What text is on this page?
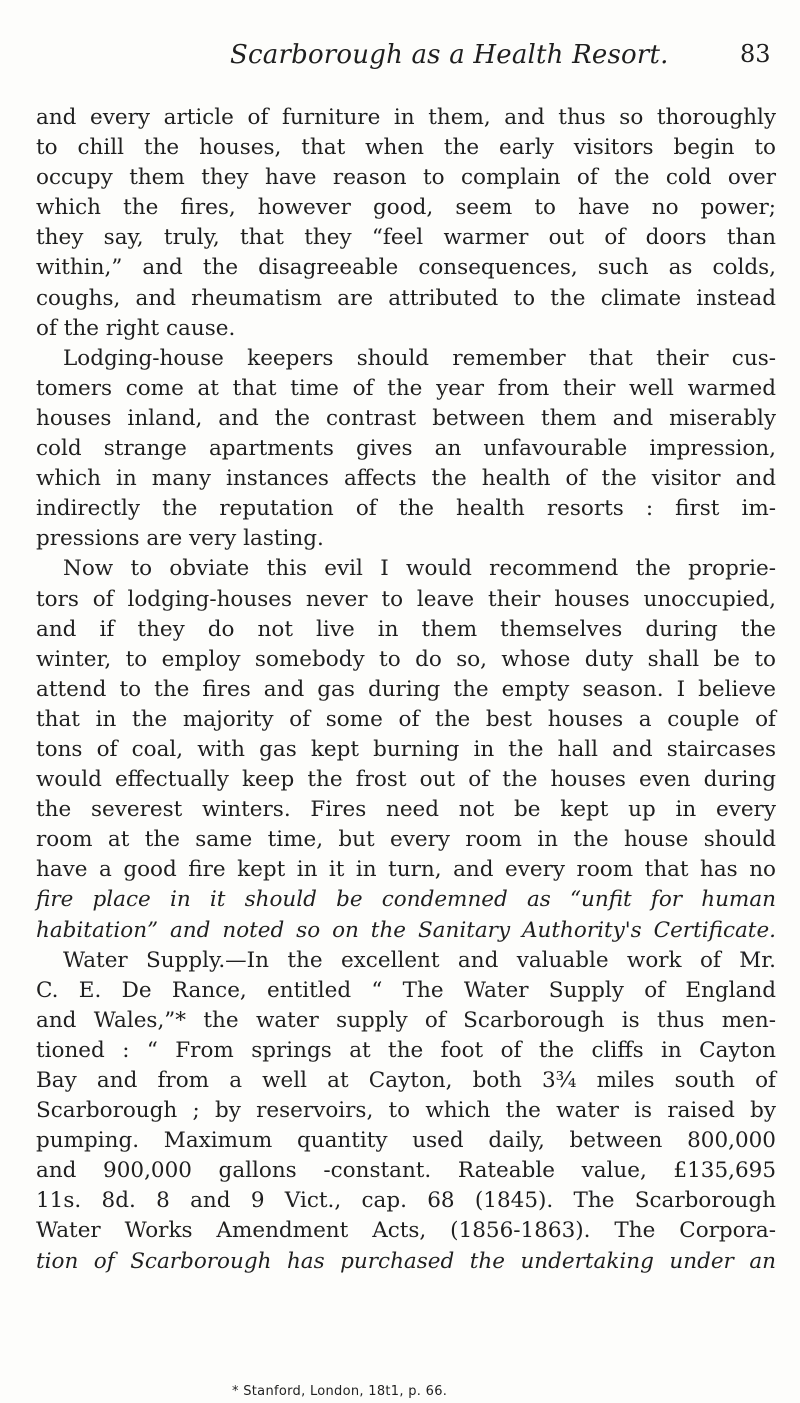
Scarborough as a Health Resort.	83
and every article of furniture in them, and thus so thoroughly
to chill the houses, that when the early visitors begin to
occupy them they have reason to complain of the cold over
which the fires, however good, seem to have no power;
they say, truly, that they “feel warmer out of doors than
within,” and the disagreeable consequences, such as colds,
coughs, and rheumatism are attributed to the climate instead
of the right cause.
Lodging-house keepers should remember that their cus-
tomers come at that time of the year from their well warmed
houses inland, and the contrast between them and miserably
cold strange apartments gives an unfavourable impression,
which in many instances affects the health of the visitor and
indirectly the reputation of the health resorts : first im-
pressions are very lasting.
Now to obviate this evil I would recommend the proprie-
tors of lodging-houses never to leave their houses unoccupied,
and if they do not live in them themselves during the
winter, to employ somebody to do so, whose duty shall be to
attend to the fires and gas during the empty season. I believe
that in the majority of some of the best houses a couple of
tons of coal, with gas kept burning in the hall and staircases
would effectually keep the frost out of the houses even during
the severest winters. Fires need not be kept up in every
room at the same time, but every room in the house should
have a good fire kept in it in turn, and every room that has no
fire place in it should be condemned as “unfit for human
habitation” and noted so on the Sanitary Authority's Certificate.
Water Supply.—In the excellent and valuable work of Mr.
C. E. De Rance, entitled “ The Water Supply of England
and Wales,”* the water supply of Scarborough is thus men-
tioned : “ From springs at the foot of the cliffs in Cayton
Bay and from a well at Cayton, both 3¾ miles south of
Scarborough ; by reservoirs, to which the water is raised by
pumping. Maximum quantity used daily, between 800,000
and 900,000 gallons -constant. Rateable value, £135,695
11s. 8d. 8 and 9 Vict., cap. 68 (1845). The Scarborough
Water Works Amendment Acts, (1856-1863). The Corpora-
tion of Scarborough has purchased the undertaking under an
* Stanford, London, 18t1, p. 66.
